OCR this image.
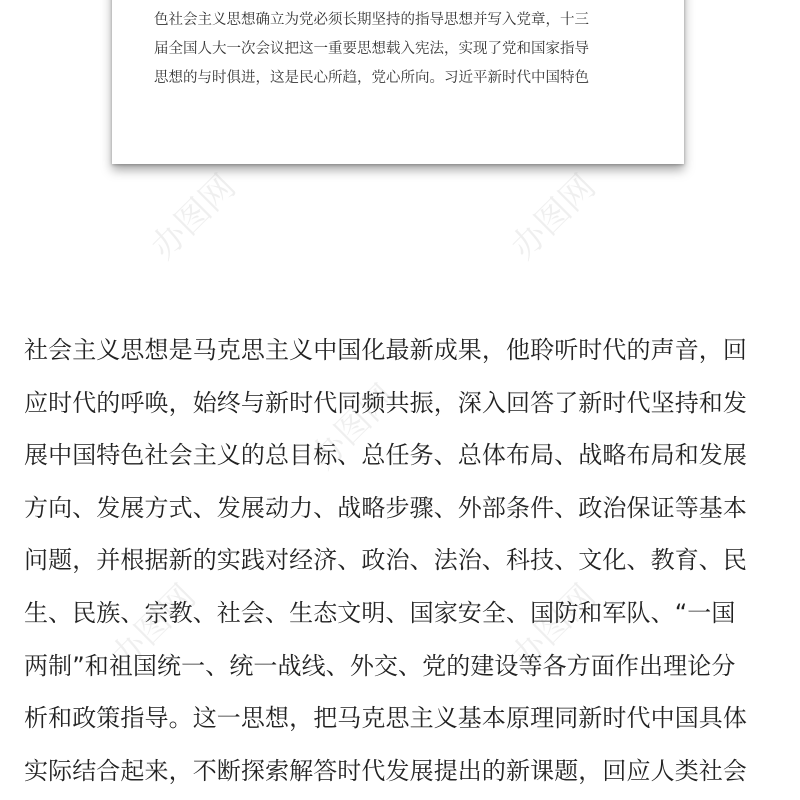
色社会主义思想确立为党必须长期坚持的指导思想并写入党章，十三
届全国人大一次会议把这一重要思想载入宪法，实现了党和国家指导
思想的与时俱进，这是民心所趋，党心所向。习近平新时代中国特色
办图网	办图网
办图网
办图网	办图网
社会主义思想是马克思主义中国化最新成果，他聆听时代的声音，回
应时代的呼唤，始终与新时代同频共振，深入回答了新时代坚持和发
展中国特色社会主义的总目标、总任务、总体布局、战略布局和发展
方向、发展方式、发展动力、战略步骤、外部条件、政治保证等基本
问题，并根据新的实践对经济、政治、法治、科技、文化、教育、民
生、民族、宗教、社会、生态文明、国家安全、国防和军队、“一国
两制”和祖国统一、统一战线、外交、党的建设等各方面作出理论分
析和政策指导。这一思想，把马克思主义基本原理同新时代中国具体
实际结合起来，不断探索解答时代发展提出的新课题，回应人类社会
